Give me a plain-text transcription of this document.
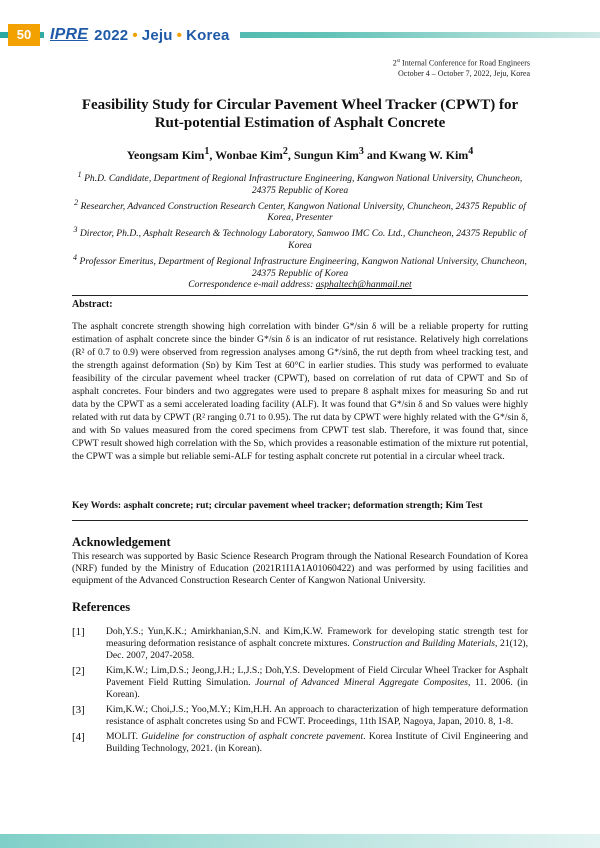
50	IPRE 2022 • Jeju • Korea
2st Internal Conference for Road Engineers
October 4 – October 7, 2022, Jeju, Korea
Feasibility Study for Circular Pavement Wheel Tracker (CPWT) for Rut-potential Estimation of Asphalt Concrete
Yeongsam Kim$^1$, Wonbae Kim$^2$, Sungun Kim$^3$ and Kwang W. Kim$^4$

$^1$ Ph.D. Candidate, Department of Regional Infrastructure Engineering, Kangwon National University, Chuncheon, 24375 Republic of Korea

$^2$ Researcher, Advanced Construction Research Center, Kangwon National University, Chuncheon, 24375 Republic of Korea, Presenter

$^3$ Director, Ph.D., Asphalt Research & Technology Laboratory, Samwoo IMC Co. Ltd., Chuncheon, 24375 Republic of Korea

$^4$ Professor Emeritus, Department of Regional Infrastructure Engineering, Kangwon National University, Chuncheon, 24375 Republic of Korea

Correspondence e-mail address: asphaltech@hanmail.net

Abstract:

The asphalt concrete strength showing high correlation with binder G*/sin δ will be a reliable property for rutting estimation of asphalt concrete since the binder G*/sin δ is an indicator of rut resistance. Relatively high correlations (R² of 0.7 to 0.9) were observed from regression analyses among G*/sinδ, the rut depth from wheel tracking test, and the strength against deformation (Sᴅ) by Kim Test at 60°C in earlier studies. This study was performed to evaluate feasibility of the circular pavement wheel tracker (CPWT), based on correlation of rut data of CPWT and Sᴅ of asphalt concretes. Four binders and two aggregates were used to prepare 8 asphalt mixes for measuring Sᴅ and rut data by the CPWT as a semi accelerated loading facility (ALF). It was found that G*/sin δ and Sᴅ values were highly related with rut data by CPWT (R² ranging 0.71 to 0.95). The rut data by CPWT were highly related with the G*/sin δ, and with Sᴅ values measured from the cored specimens from CPWT test slab. Therefore, it was found that, since CPWT result showed high correlation with the Sᴅ, which provides a reasonable estimation of the mixture rut potential, the CPWT was a simple but reliable semi-ALF for testing asphalt concrete rut potential in a circular wheel track.

Key Words: asphalt concrete; rut; circular pavement wheel tracker; deformation strength; Kim Test
Acknowledgement

This research was supported by Basic Science Research Program through the National Research Foundation of Korea (NRF) funded by the Ministry of Education (2021R1I1A1A01060422) and was performed by using facilities and equipment of the Advanced Construction Research Center of Kangwon National University.

References
[1]	Doh,Y.S.; Yun,K.K.; Amirkhanian,S.N. and Kim,K.W. Framework for developing static strength test for measuring deformation resistance of asphalt concrete mixtures. Construction and Building Materials, 21(12), Dec. 2007, 2047-2058.
[2]	Kim,K.W.; Lim,D.S.; Jeong,J.H.; L,J.S.; Doh,Y.S. Development of Field Circular Wheel Tracker for Asphalt Pavement Field Rutting Simulation. Journal of Advanced Mineral Aggregate Composites, 11. 2006. (in Korean).
[3]	Kim,K.W.; Choi,J.S.; Yoo,M.Y.; Kim,H.H. An approach to characterization of high temperature deformation resistance of asphalt concretes using Sᴅ and FCWT. Proceedings, 11th ISAP, Nagoya, Japan, 2010. 8, 1-8.
[4]	MOLIT. Guideline for construction of asphalt concrete pavement. Korea Institute of Civil Engineering and Building Technology, 2021. (in Korean).
